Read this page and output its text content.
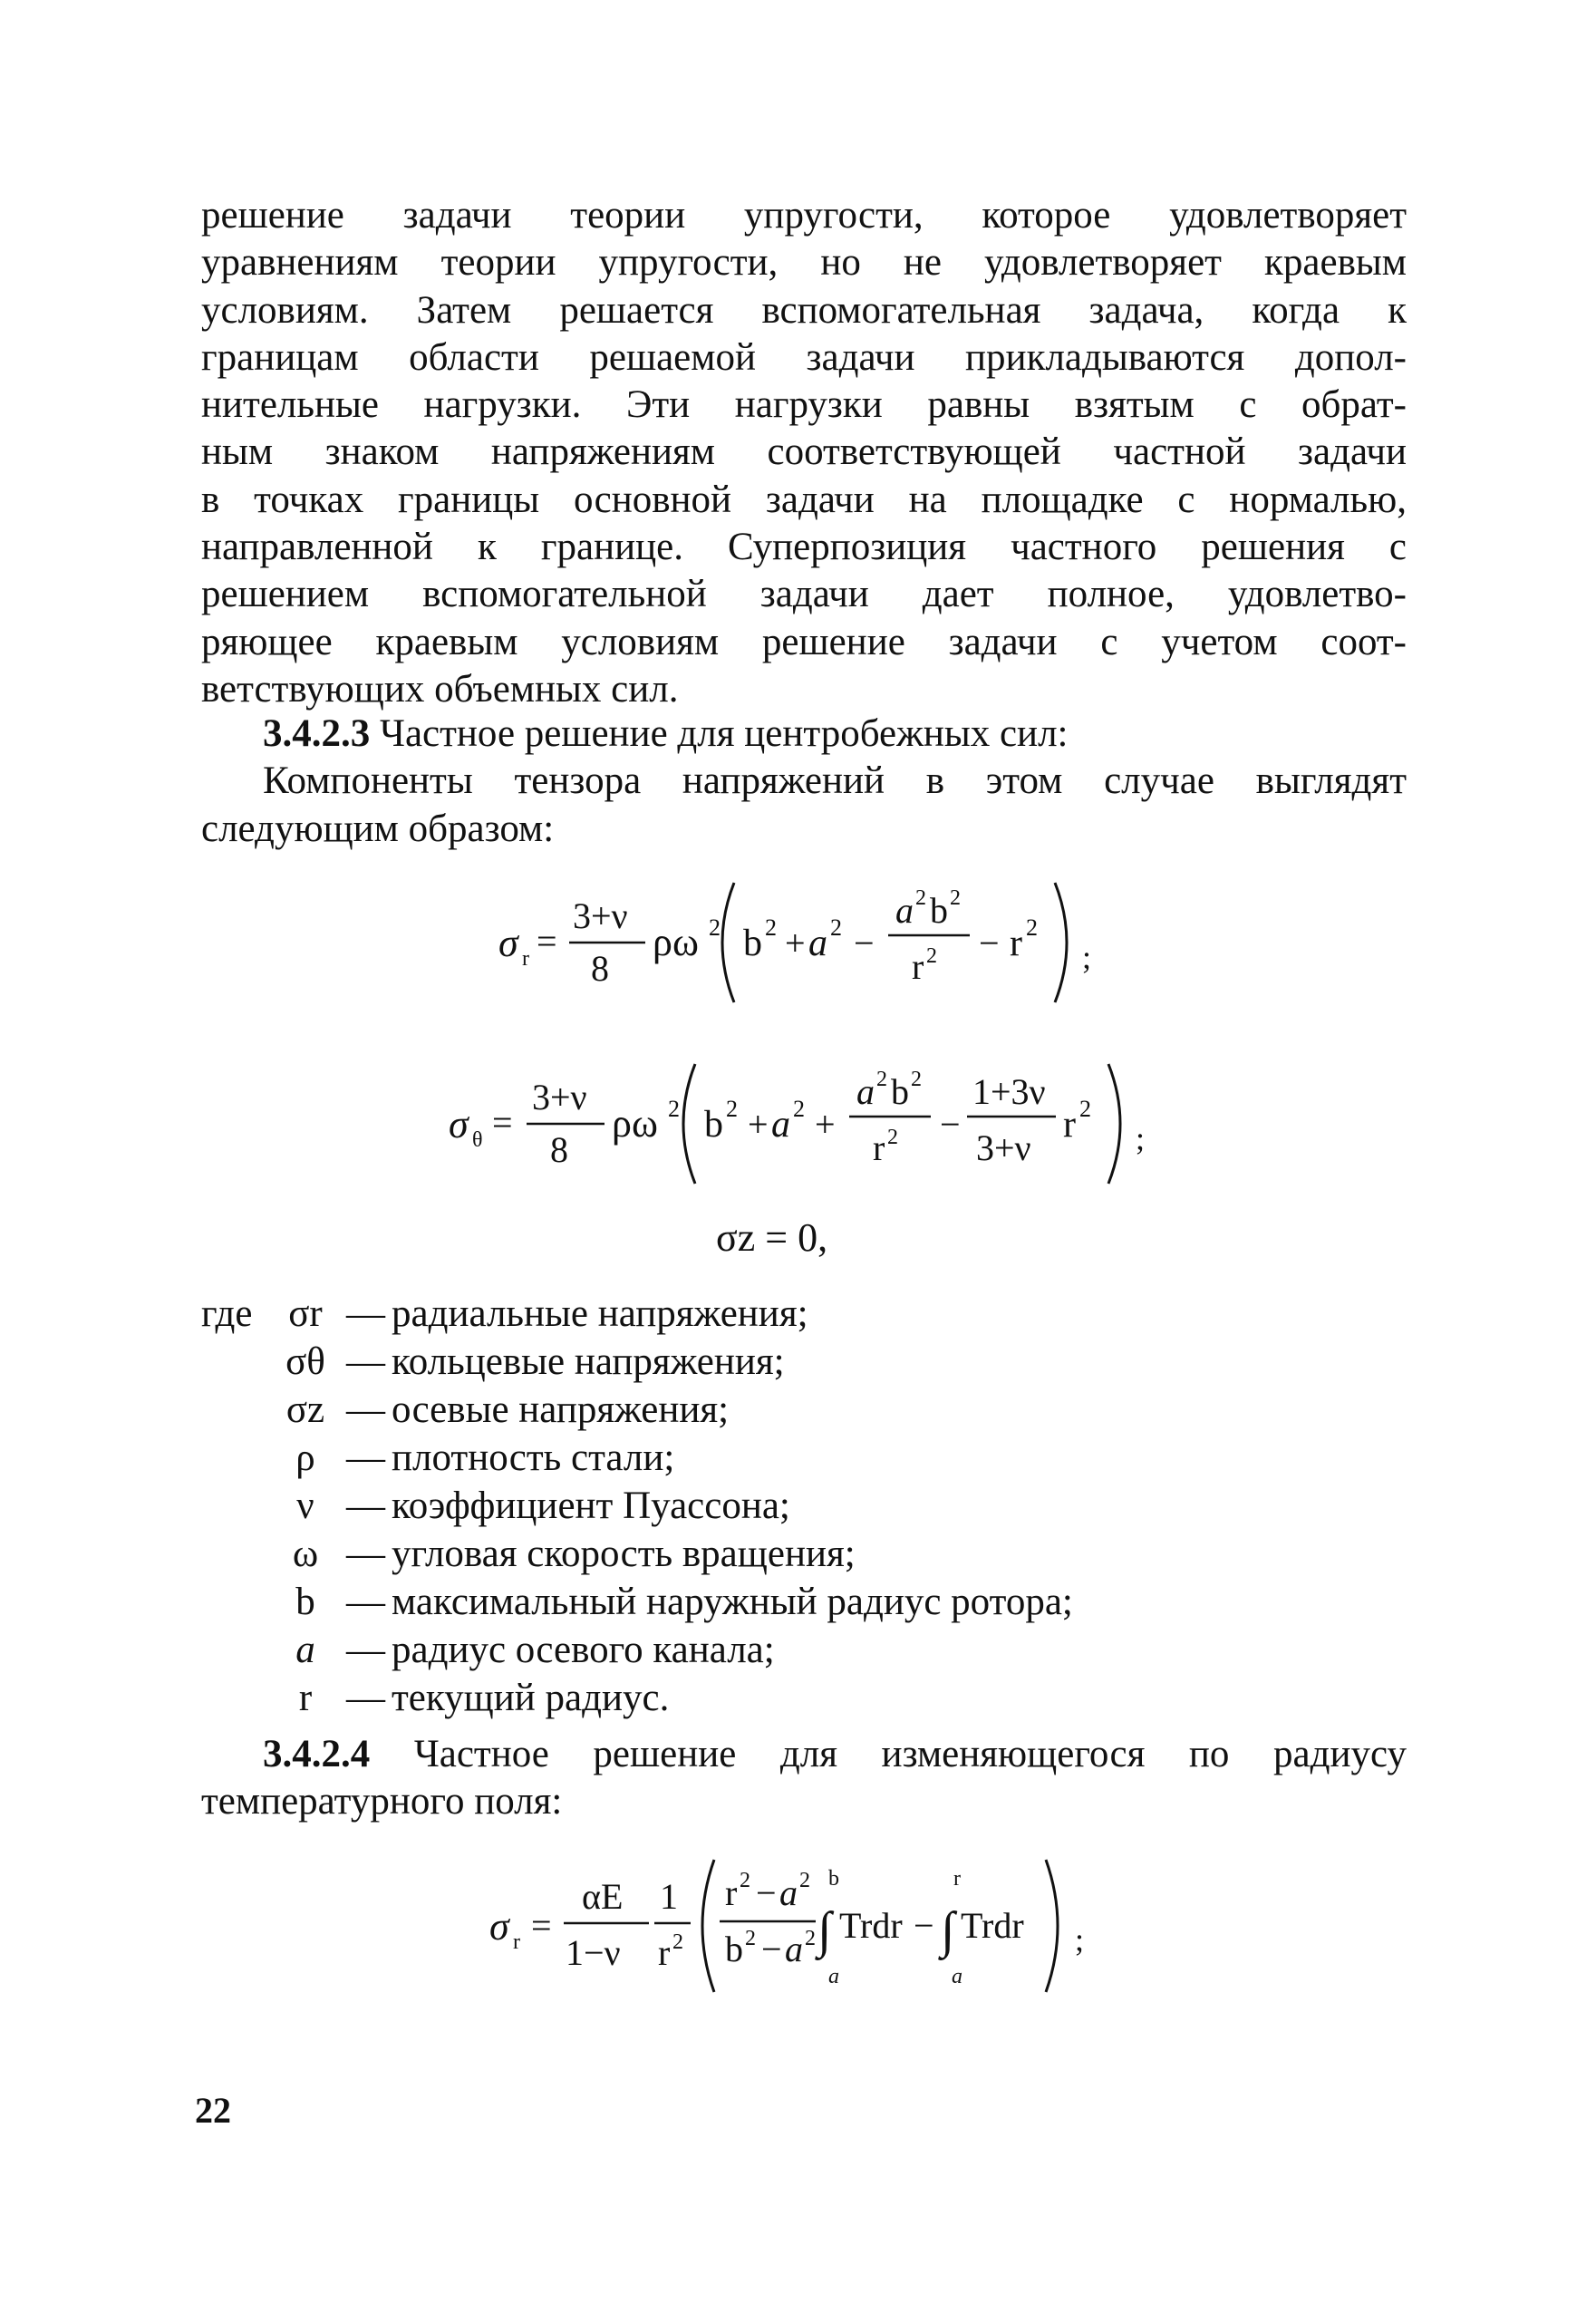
решение задачи теории упругости, которое удовлетворяет
уравнениям теории упругости, но не удовлетворяет краевым
условиям. Затем решается вспомогательная задача, когда к
границам области решаемой задачи прикладываются допол-
нительные нагрузки. Эти нагрузки равны взятым с обрат-
ным знаком напряжениям соответствующей частной задачи
в точках границы основной задачи на площадке с нормалью,
направленной к границе. Суперпозиция частного решения с
решением вспомогательной задачи дает полное, удовлетво-
ряющее краевым условиям решение задачи с учетом соот-
ветствующих объемных сил.
3.4.2.3 Частное решение для центробежных сил:
Компоненты тензора напряжений в этом случае выглядят
следующим образом:
σ r =
3+ν
8
ρω 2 b 2 + a 2 −
a 2 b 2
r 2 − r 2
;
σ θ =
3+ν
8
ρω 2 b 2 + a 2 +
a 2 b 2
r 2 −
1+3ν
3+ν
r 2
;
σz = 0,
где σr — радиальные напряжения;
σθ — кольцевые напряжения;
σz — осевые напряжения;
ρ — плотность стали;
ν — коэффициент Пуассона;
ω — угловая скорость вращения;
b — максимальный наружный радиус ротора;
a — радиус осевого канала;
r — текущий радиус.
3.4.2.4 Частное решение для изменяющегося по радиусу
температурного поля:
σ r =
αE
1−ν
1
r 2
r 2 − a 2
b 2 − a 2
b
∫
a
Trdr −
r
∫
a
Trdr ;
22
